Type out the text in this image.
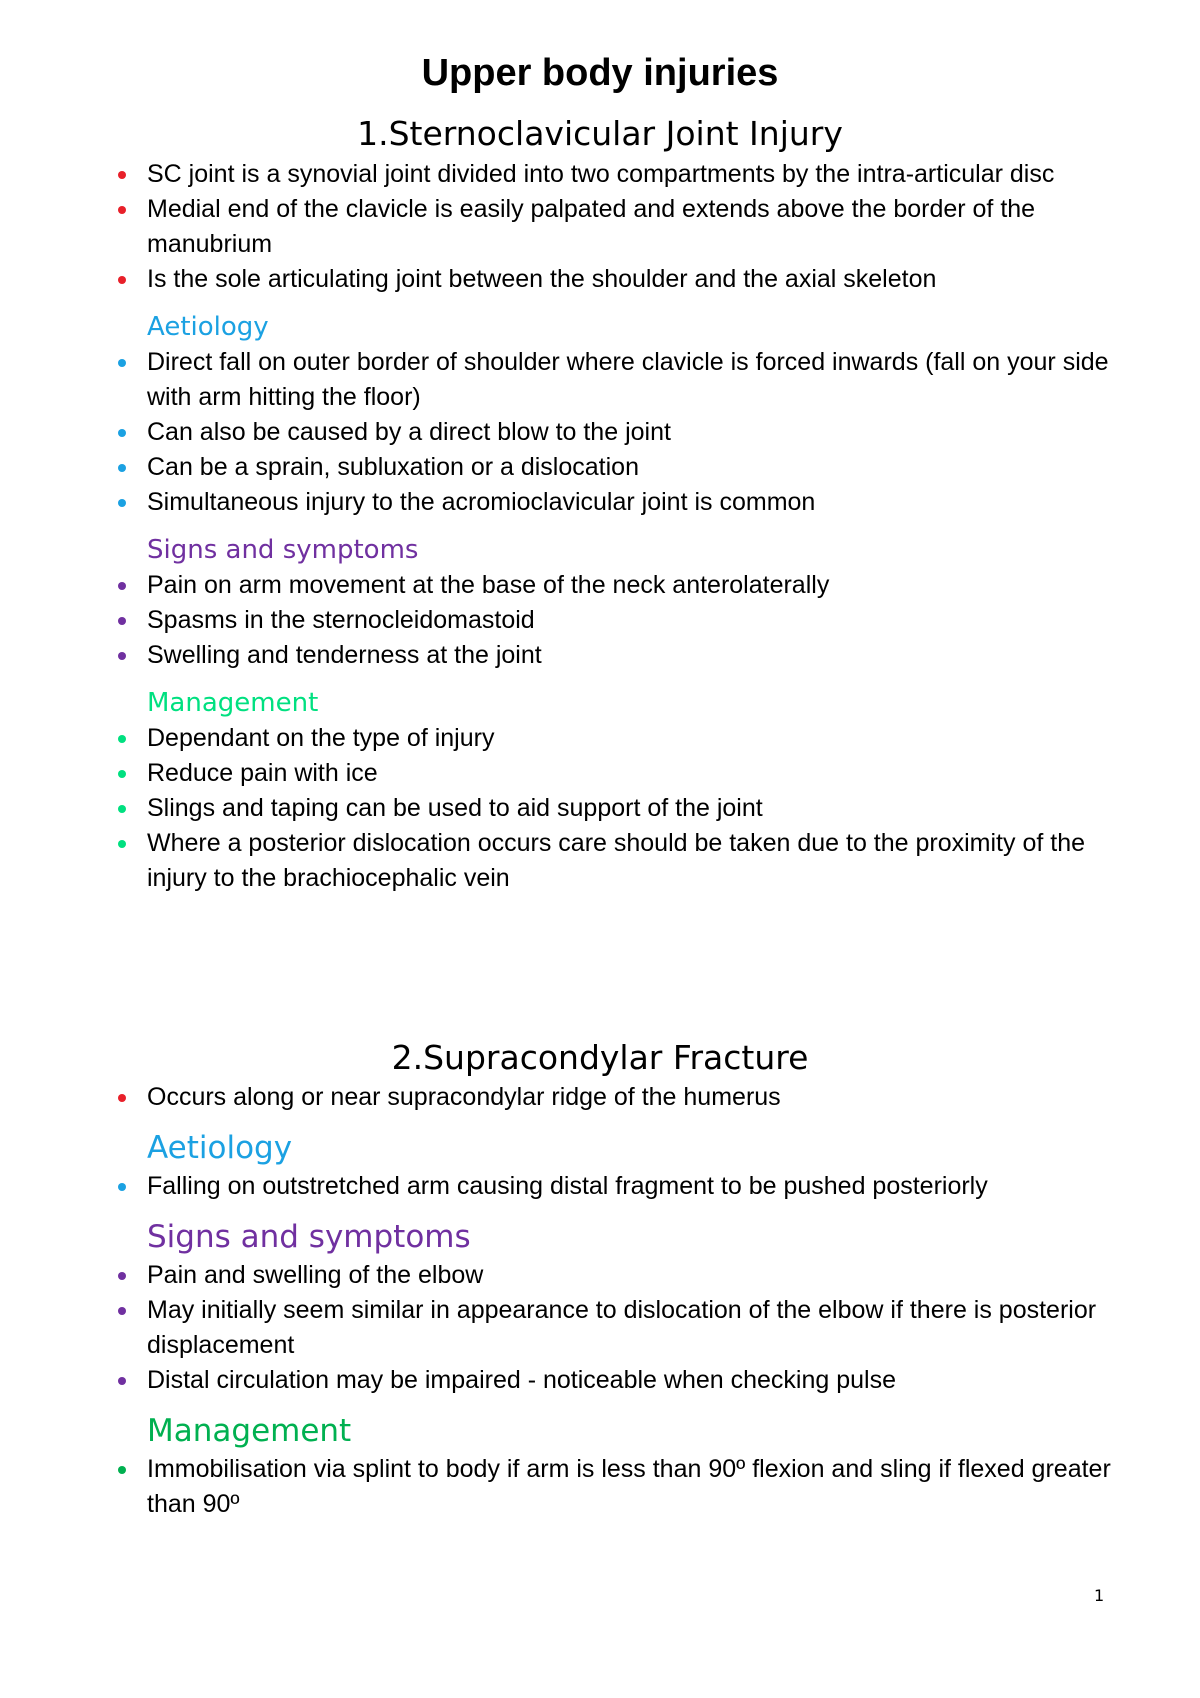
Upper body injuries
1.Sternoclavicular Joint Injury
SC joint is a synovial joint divided into two compartments by the intra-articular disc
Medial end of the clavicle is easily palpated and extends above the border of the manubrium
Is the sole articulating joint between the shoulder and the axial skeleton
Aetiology
Direct fall on outer border of shoulder where clavicle is forced inwards (fall on your side with arm hitting the floor)
Can also be caused by a direct blow to the joint
Can be a sprain, subluxation or a dislocation
Simultaneous injury to the acromioclavicular joint is common
Signs and symptoms
Pain on arm movement at the base of the neck anterolaterally
Spasms in the sternocleidomastoid
Swelling and tenderness at the joint
Management
Dependant on the type of injury
Reduce pain with ice
Slings and taping can be used to aid support of the joint
Where a posterior dislocation occurs care should be taken due to the proximity of the injury to the brachiocephalic vein
2.Supracondylar Fracture
Occurs along or near supracondylar ridge of the humerus
Aetiology
Falling on outstretched arm causing distal fragment to be pushed posteriorly
Signs and symptoms
Pain and swelling of the elbow
May initially seem similar in appearance to dislocation of the elbow if there is posterior displacement
Distal circulation may be impaired - noticeable when checking pulse
Management
Immobilisation via splint to body if arm is less than 90º flexion and sling if flexed greater than 90º
1
